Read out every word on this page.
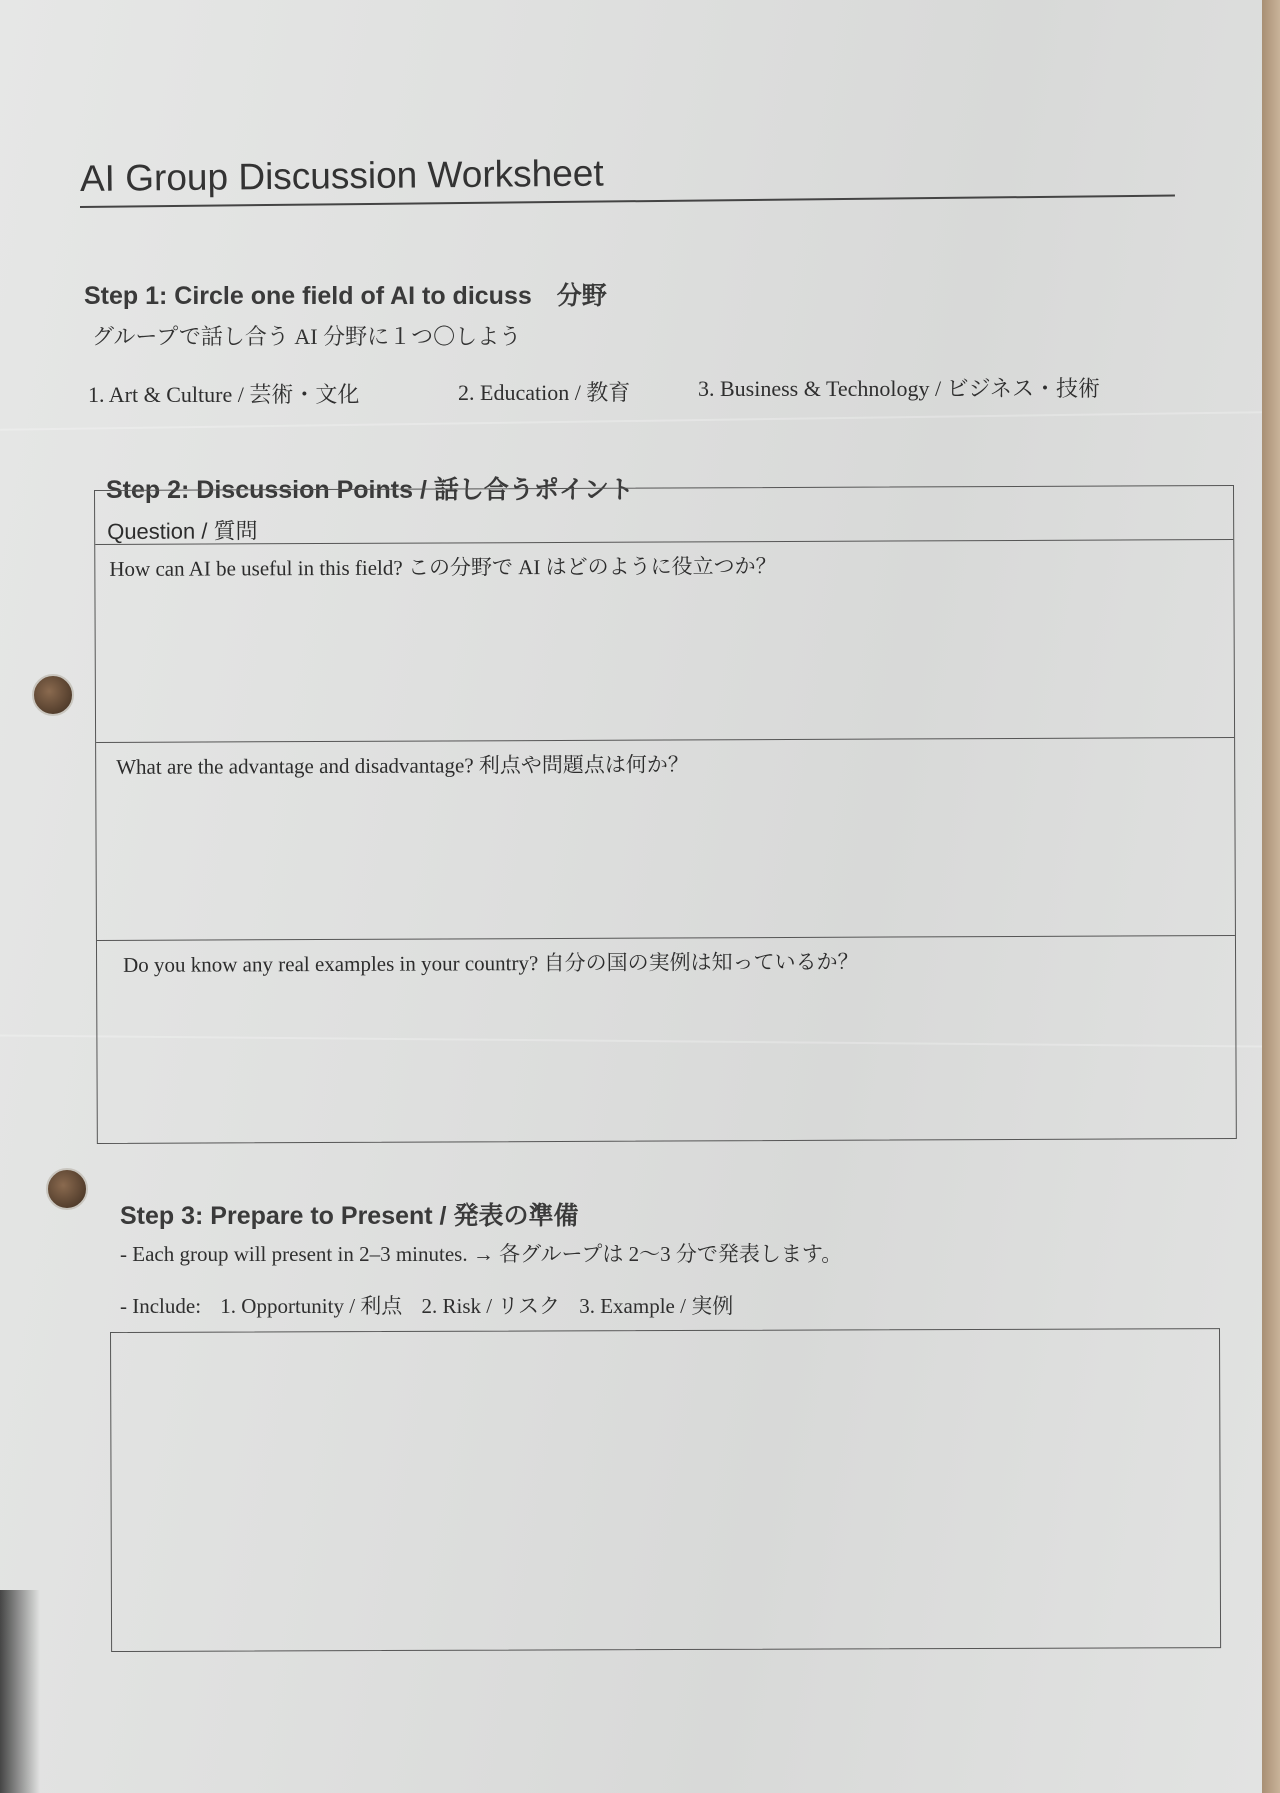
AI Group Discussion Worksheet
Step 1: Circle one field of AI to dicuss　分野
グループで話し合う AI 分野に１つ〇しよう
1. Art & Culture / 芸術・文化	2. Education / 教育	3. Business & Technology / ビジネス・技術
Step 2: Discussion Points / 話し合うポイント
Question / 質問
How can AI be useful in this field? この分野で AI はどのように役立つか？
What are the advantage and disadvantage? 利点や問題点は何か？
Do you know any real examples in your country? 自分の国の実例は知っているか？
Step 3: Prepare to Present / 発表の準備
- Each group will present in 2–3 minutes. → 各グループは 2〜3 分で発表します。
- Include: 1. Opportunity / 利点 2. Risk / リスク 3. Example / 実例
